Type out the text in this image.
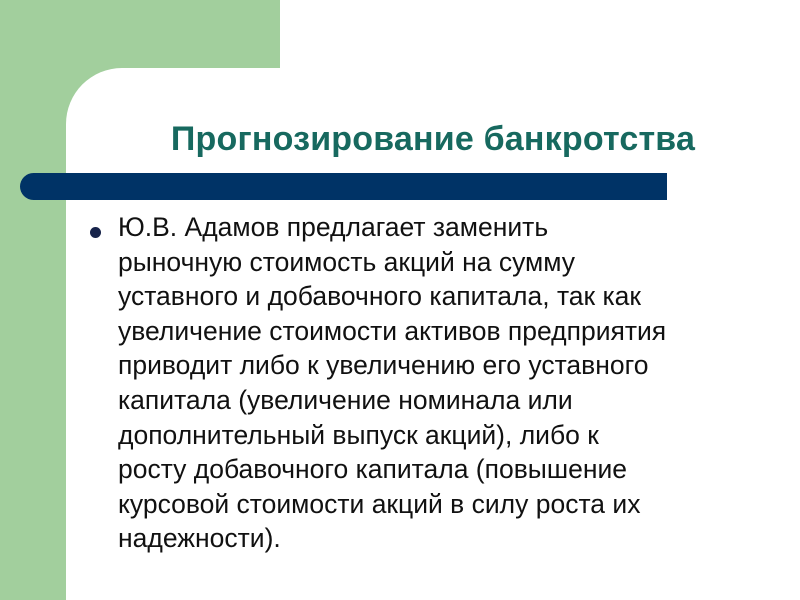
Прогнозирование банкротства
Ю.В. Адамов предлагает заменить
рыночную стоимость акций на сумму
уставного и добавочного капитала, так как
увеличение стоимости активов предприятия
приводит либо к увеличению его уставного
капитала (увеличение номинала или
дополнительный выпуск акций), либо к
росту добавочного капитала (повышение
курсовой стоимости акций в силу роста их
надежности).
